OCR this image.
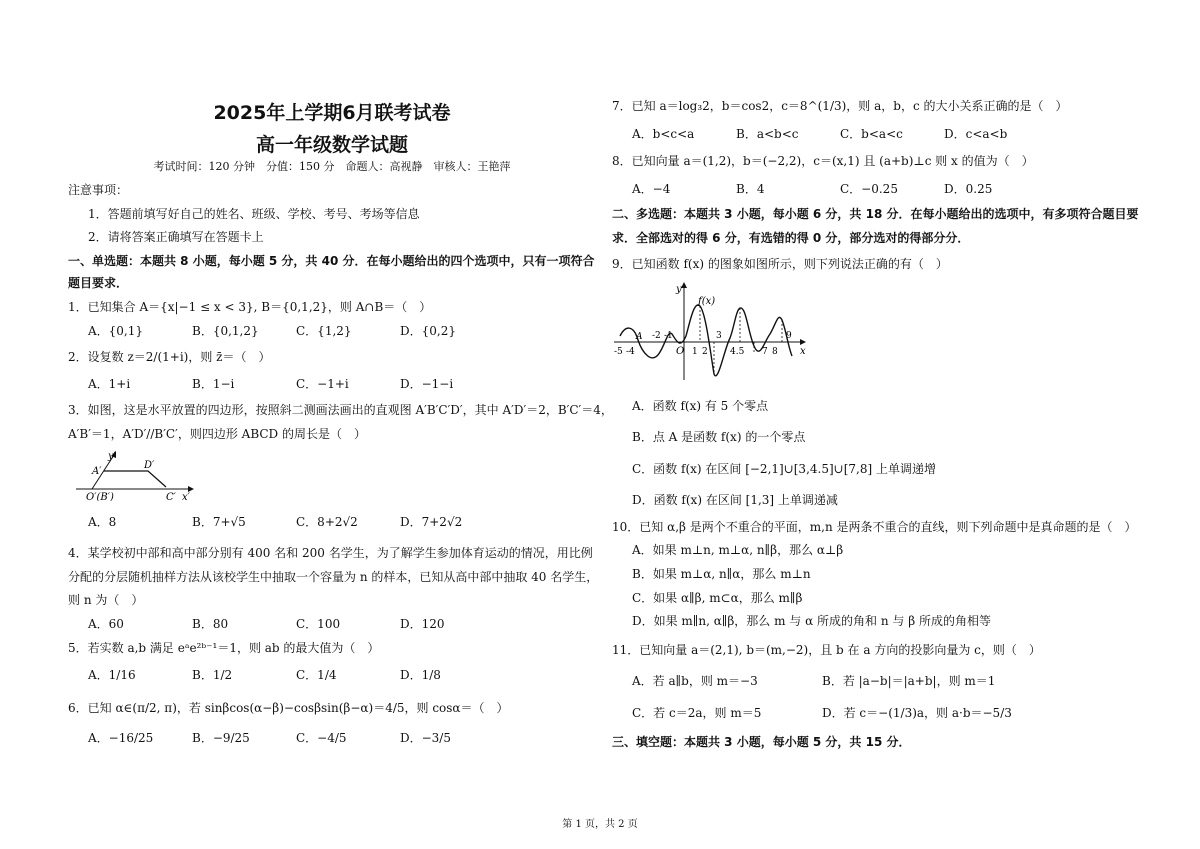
2025年上学期6月联考试卷
高一年级数学试题
考试时间：120 分钟　分值：150 分　命题人：高视静　审核人：王艳萍
注意事项：
1．答题前填写好自己的姓名、班级、学校、考号、考场等信息
2．请将答案正确填写在答题卡上
一、单选题：本题共 8 小题，每小题 5 分，共 40 分．在每小题给出的四个选项中，只有一项符合
题目要求．
1．已知集合 A＝{x|−1 ≤ x < 3}, B＝{0,1,2}，则 A∩B＝（　）
A．{0,1}	B．{0,1,2}	C．{1,2}	D．{0,2}
2．设复数 z＝2/(1+i)，则 z̄＝（　）
A．1+i	B．1−i	C．−1+i	D．−1−i
3．如图，这是水平放置的四边形，按照斜二测画法画出的直观图 A′B′C′D′，其中 A′D′＝2，B′C′＝4，
A′B′＝1，A′D′//B′C′，则四边形 ABCD 的周长是（　）
y′
A′
D′
O′(B′)	C′ x′
A．8	B．7+√5	C．8+2√2	D．7+2√2
4．某学校初中部和高中部分别有 400 名和 200 名学生，为了解学生参加体育运动的情况，用比例
分配的分层随机抽样方法从该校学生中抽取一个容量为 n 的样本，已知从高中部中抽取 40 名学生，
则 n 为（　）
A．60	B．80	C．100	D．120
5．若实数 a,b 满足 eᵃe²ᵇ⁻¹＝1，则 ab 的最大值为（　）
A．1/16	B．1/2	C．1/4	D．1/8
6．已知 α∈(π/2, π)，若 sinβcos(α−β)−cosβsin(β−α)＝4/5，则 cosα＝（　）
A．−16/25	B．−9/25	C．−4/5	D．−3/5
7．已知 a＝log₃2，b＝cos2，c＝8^(1/3)，则 a，b，c 的大小关系正确的是（　）
A．b<c<a	B．a<b<c	C．b<a<c	D．c<a<b
8．已知向量 a＝(1,2)，b＝(−2,2)，c＝(x,1) 且 (a+b)⊥c 则 x 的值为（　）
A．−4	B．4	C．−0.25	D．0.25
二、多选题：本题共 3 小题，每小题 6 分，共 18 分．在每小题给出的选项中，有多项符合题目要
求．全部选对的得 6 分，有选错的得 0 分，部分选对的得部分分．
9．已知函数 f(x) 的图象如图所示，则下列说法正确的有（　）
f(x)
y
x
A
O
-5 -4
-2 -1
1 2
3
4.5 7 8
9
A．函数 f(x) 有 5 个零点
B．点 A 是函数 f(x) 的一个零点
C．函数 f(x) 在区间 [−2,1]∪[3,4.5]∪[7,8] 上单调递增
D．函数 f(x) 在区间 [1,3] 上单调递减
10．已知 α,β 是两个不重合的平面，m,n 是两条不重合的直线，则下列命题中是真命题的是（　）
A．如果 m⊥n, m⊥α, n∥β，那么 α⊥β
B．如果 m⊥α, n∥α，那么 m⊥n
C．如果 α∥β, m⊂α，那么 m∥β
D．如果 m∥n, α∥β，那么 m 与 α 所成的角和 n 与 β 所成的角相等
11．已知向量 a＝(2,1), b＝(m,−2)，且 b 在 a 方向的投影向量为 c，则（　）
A．若 a∥b，则 m＝−3	B．若 |a−b|＝|a+b|，则 m＝1
C．若 c＝2a，则 m＝5	D．若 c＝−(1/3)a，则 a·b＝−5/3
三、填空题：本题共 3 小题，每小题 5 分，共 15 分．
第 1 页，共 2 页
